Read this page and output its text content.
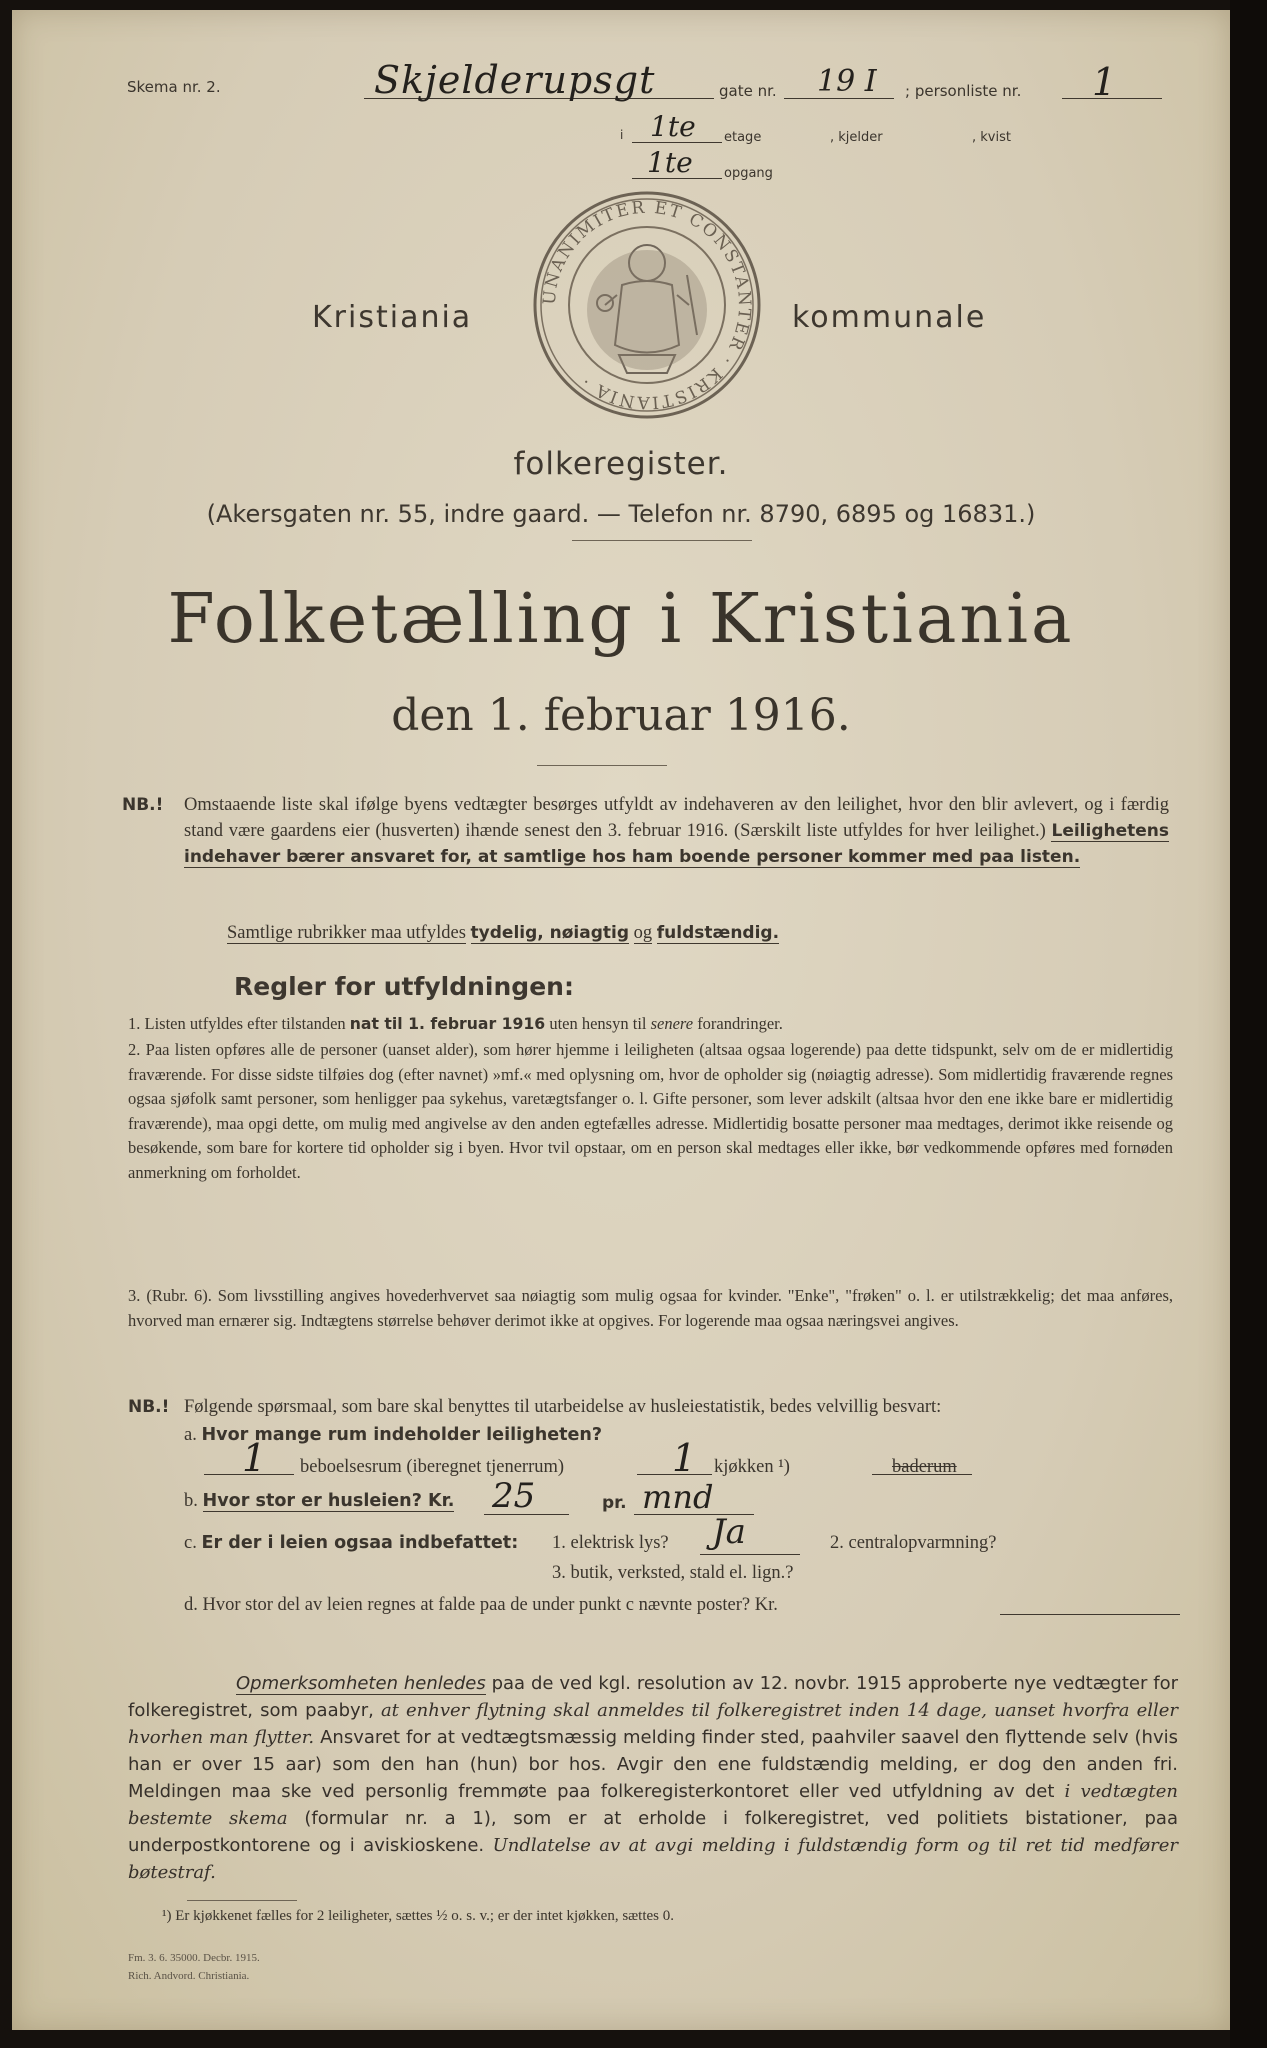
Skema nr. 2.	Skjelderupsgt	gate nr. 19 I ; personliste nr. 1
i 1te etage	, kjelder	, kvist
1te opgang
Kristiania
UNANIMITER ET CONSTANTER · KRISTIANIA ·
kommunale
folkeregister.
(Akersgaten nr. 55, indre gaard. — Telefon nr. 8790, 6895 og 16831.)
Folketælling i Kristiania
den 1. februar 1916.
NB.! Omstaaende liste skal ifølge byens vedtægter besørges utfyldt av indehaveren av den leilighet, hvor den blir avlevert, og i færdig stand være gaardens eier (husverten) ihænde senest den 3. februar 1916. (Særskilt liste utfyldes for hver leilighet.) Leilighetens indehaver bærer ansvaret for, at samtlige hos ham boende personer kommer med paa listen.
Samtlige rubrikker maa utfyldes tydelig, nøiagtig og fuldstændig.
Regler for utfyldningen:
1. Listen utfyldes efter tilstanden nat til 1. februar 1916 uten hensyn til senere forandringer.
2. Paa listen opføres alle de personer (uanset alder), som hører hjemme i leiligheten (altsaa ogsaa logerende) paa dette tidspunkt, selv om de er midlertidig fraværende. For disse sidste tilføies dog (efter navnet) »mf.« med oplysning om, hvor de opholder sig (nøiagtig adresse). Som midlertidig fraværende regnes ogsaa sjøfolk samt personer, som henligger paa sykehus, varetægtsfanger o. l. Gifte personer, som lever adskilt (altsaa hvor den ene ikke bare er midlertidig fraværende), maa opgi dette, om mulig med angivelse av den anden egtefælles adresse. Midlertidig bosatte personer maa medtages, derimot ikke reisende og besøkende, som bare for kortere tid opholder sig i byen. Hvor tvil opstaar, om en person skal medtages eller ikke, bør vedkommende opføres med fornøden anmerkning om forholdet.
3. (Rubr. 6). Som livsstilling angives hovederhvervet saa nøiagtig som mulig ogsaa for kvinder. "Enke", "frøken" o. l. er utilstrækkelig; det maa anføres, hvorved man ernærer sig. Indtægtens størrelse behøver derimot ikke at opgives. For logerende maa ogsaa næringsvei angives.
NB.! Følgende spørsmaal, som bare skal benyttes til utarbeidelse av husleiestatistik, bedes velvillig besvart:
a. Hvor mange rum indeholder leiligheten?
1 beboelsesrum (iberegnet tjenerrum)	1 kjøkken ¹)	baderum
b. Hvor stor er husleien? Kr. 25	pr. mnd
c. Er der i leien ogsaa indbefattet: 1. elektrisk lys? Ja	2. centralopvarmning?
3. butik, verksted, stald el. lign.?
d. Hvor stor del av leien regnes at falde paa de under punkt c nævnte poster? Kr.
Opmerksomheten henledes paa de ved kgl. resolution av 12. novbr. 1915 approberte nye vedtægter for folkeregistret, som paabyr, at enhver flytning skal anmeldes til folkeregistret inden 14 dage, uanset hvorfra eller hvorhen man flytter. Ansvaret for at vedtægtsmæssig melding finder sted, paahviler saavel den flyttende selv (hvis han er over 15 aar) som den han (hun) bor hos. Avgir den ene fuldstændig melding, er dog den anden fri. Meldingen maa ske ved personlig fremmøte paa folkeregisterkontoret eller ved utfyldning av det i vedtægten bestemte skema (formular nr. a 1), som er at erholde i folkeregistret, ved politiets bistationer, paa underpostkontorene og i aviskioskene. Undlatelse av at avgi melding i fuldstændig form og til ret tid medfører bøtestraf.
¹) Er kjøkkenet fælles for 2 leiligheter, sættes ½ o. s. v.; er der intet kjøkken, sættes 0.
Fm. 3. 6. 35000. Decbr. 1915.
Rich. Andvord. Christiania.
